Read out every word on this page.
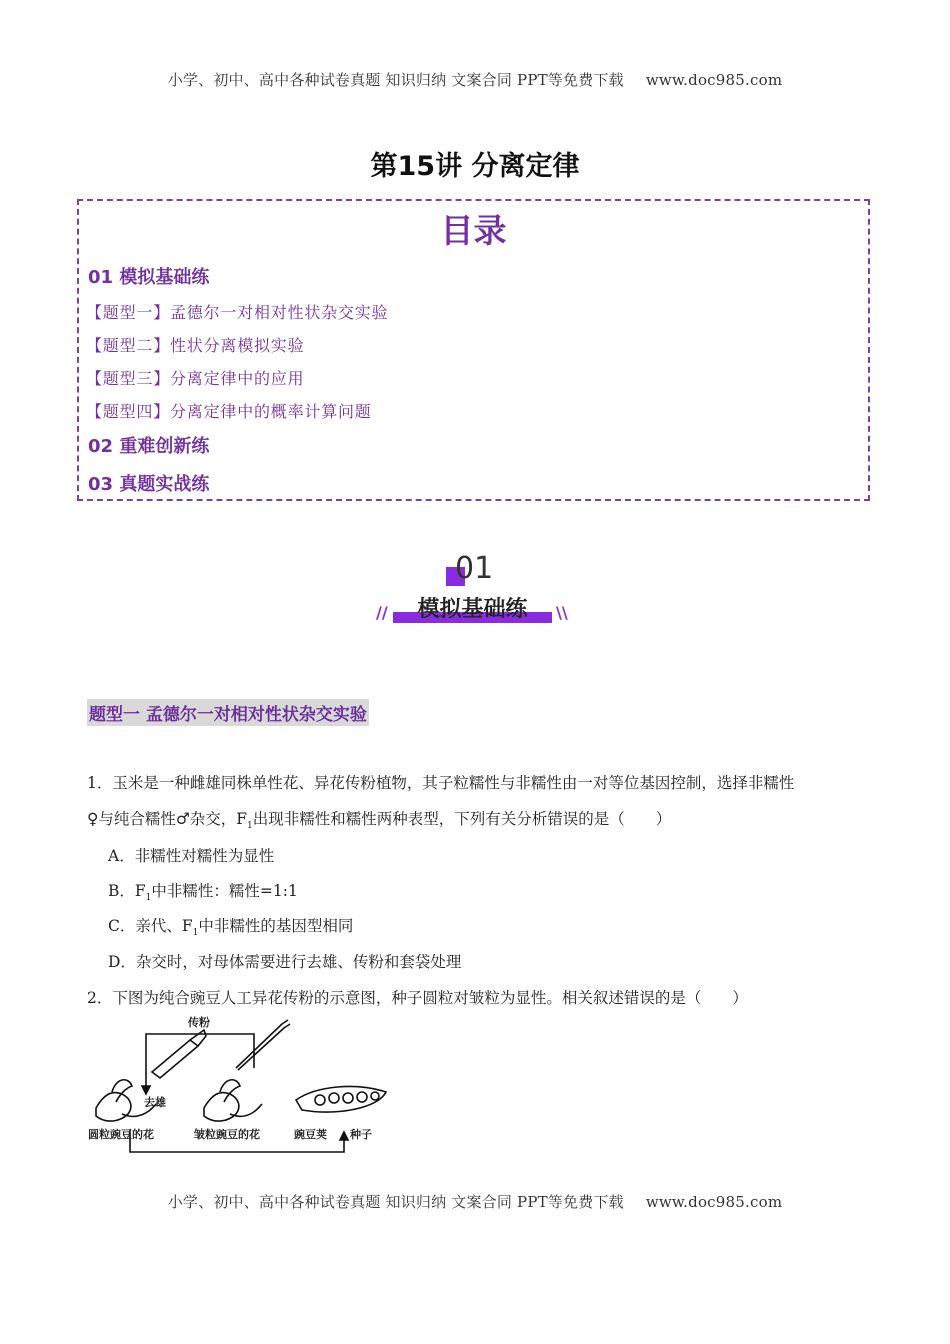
小学、初中、高中各种试卷真题 知识归纳 文案合同 PPT等免费下载 www.doc985.com
第15讲 分离定律
目录
01 模拟基础练
【题型一】孟德尔一对相对性状杂交实验
【题型二】性状分离模拟实验
【题型三】分离定律中的应用
【题型四】分离定律中的概率计算问题
02 重难创新练
03 真题实战练
01
模拟基础练
//	\\
题型一 孟德尔一对相对性状杂交实验
1．玉米是一种雌雄同株单性花、异花传粉植物，其子粒糯性与非糯性由一对等位基因控制，选择非糯性
♀与纯合糯性♂杂交，$F_1$出现非糯性和糯性两种表型，下列有关分析错误的是（　　）
A．非糯性对糯性为显性
B．$F_1$中非糯性：糯性=1:1
C．亲代、$F_1$中非糯性的基因型相同
D．杂交时，对母体需要进行去雄、传粉和套袋处理
2．下图为纯合豌豆人工异花传粉的示意图，种子圆粒对皱粒为显性。相关叙述错误的是（　　）
传粉
去雄
圆粒豌豆的花	皱粒豌豆的花	豌豆荚 种子
小学、初中、高中各种试卷真题 知识归纳 文案合同 PPT等免费下载 www.doc985.com
